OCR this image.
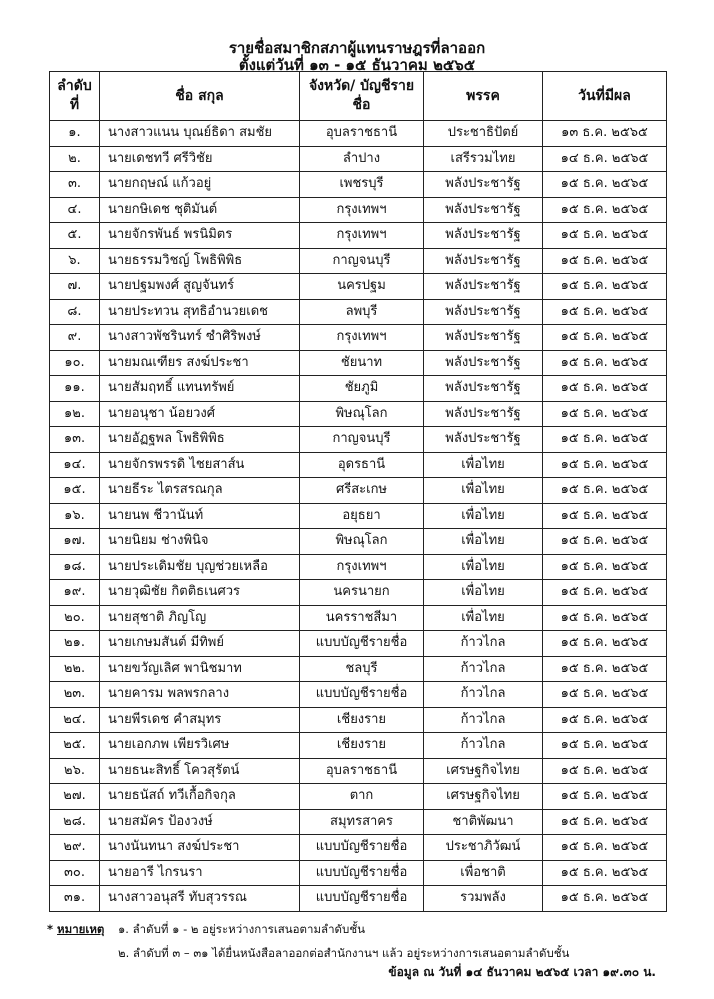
รายชื่อสมาชิกสภาผู้แทนราษฎรที่ลาออก
ตั้งแต่วันที่ ๑๓ - ๑๕ ธันวาคม ๒๕๖๕
ลำดับที่	ชื่อ สกุล	จังหวัด/ บัญชีรายชื่อ	พรรค	วันที่มีผล
๑.	นางสาวแนน บุณย์ธิดา สมชัย	อุบลราชธานี	ประชาธิปัตย์	๑๓ ธ.ค. ๒๕๖๕
๒.	นายเดชทวี ศรีวิชัย	ลำปาง	เสรีรวมไทย	๑๔ ธ.ค. ๒๕๖๕
๓.	นายกฤษณ์ แก้วอยู่	เพชรบุรี	พลังประชารัฐ	๑๕ ธ.ค. ๒๕๖๕
๔.	นายกษิเดช ชุติมันต์	กรุงเทพฯ	พลังประชารัฐ	๑๕ ธ.ค. ๒๕๖๕
๕.	นายจักรพันธ์ พรนิมิตร	กรุงเทพฯ	พลังประชารัฐ	๑๕ ธ.ค. ๒๕๖๕
๖.	นายธรรมวิชญ์ โพธิพิพิธ	กาญจนบุรี	พลังประชารัฐ	๑๕ ธ.ค. ๒๕๖๕
๗.	นายปฐมพงศ์ สูญจันทร์	นครปฐม	พลังประชารัฐ	๑๕ ธ.ค. ๒๕๖๕
๘.	นายประทวน สุทธิอำนวยเดช	ลพบุรี	พลังประชารัฐ	๑๕ ธ.ค. ๒๕๖๕
๙.	นางสาวพัชรินทร์ ซำศิริพงษ์	กรุงเทพฯ	พลังประชารัฐ	๑๕ ธ.ค. ๒๕๖๕
๑๐.	นายมณเฑียร สงฆ์ประชา	ชัยนาท	พลังประชารัฐ	๑๕ ธ.ค. ๒๕๖๕
๑๑.	นายสัมฤทธิ์ แทนทรัพย์	ชัยภูมิ	พลังประชารัฐ	๑๕ ธ.ค. ๒๕๖๕
๑๒.	นายอนุชา น้อยวงศ์	พิษณุโลก	พลังประชารัฐ	๑๕ ธ.ค. ๒๕๖๕
๑๓.	นายอัฏฐพล โพธิพิพิธ	กาญจนบุรี	พลังประชารัฐ	๑๕ ธ.ค. ๒๕๖๕
๑๔.	นายจักรพรรดิ ไชยสาส์น	อุดรธานี	เพื่อไทย	๑๕ ธ.ค. ๒๕๖๕
๑๕.	นายธีระ ไตรสรณกุล	ศรีสะเกษ	เพื่อไทย	๑๕ ธ.ค. ๒๕๖๕
๑๖.	นายนพ ชีวานันท์	อยุธยา	เพื่อไทย	๑๕ ธ.ค. ๒๕๖๕
๑๗.	นายนิยม ช่างพินิจ	พิษณุโลก	เพื่อไทย	๑๕ ธ.ค. ๒๕๖๕
๑๘.	นายประเดิมชัย บุญช่วยเหลือ	กรุงเทพฯ	เพื่อไทย	๑๕ ธ.ค. ๒๕๖๕
๑๙.	นายวุฒิชัย กิตติธเนศวร	นครนายก	เพื่อไทย	๑๕ ธ.ค. ๒๕๖๕
๒๐.	นายสุชาติ ภิญโญ	นครราชสีมา	เพื่อไทย	๑๕ ธ.ค. ๒๕๖๕
๒๑.	นายเกษมสันต์ มีทิพย์	แบบบัญชีรายชื่อ	ก้าวไกล	๑๕ ธ.ค. ๒๕๖๕
๒๒.	นายขวัญเลิศ พานิชมาท	ชลบุรี	ก้าวไกล	๑๕ ธ.ค. ๒๕๖๕
๒๓.	นายคารม พลพรกลาง	แบบบัญชีรายชื่อ	ก้าวไกล	๑๕ ธ.ค. ๒๕๖๕
๒๔.	นายพีรเดช คำสมุทร	เชียงราย	ก้าวไกล	๑๕ ธ.ค. ๒๕๖๕
๒๕.	นายเอกภพ เพียรวิเศษ	เชียงราย	ก้าวไกล	๑๕ ธ.ค. ๒๕๖๕
๒๖.	นายธนะสิทธิ์ โควสุรัตน์	อุบลราชธานี	เศรษฐกิจไทย	๑๕ ธ.ค. ๒๕๖๕
๒๗.	นายธนัสถ์ ทวีเกื้อกิจกุล	ตาก	เศรษฐกิจไทย	๑๕ ธ.ค. ๒๕๖๕
๒๘.	นายสมัคร ป้องวงษ์	สมุทรสาคร	ชาติพัฒนา	๑๕ ธ.ค. ๒๕๖๕
๒๙.	นางนันทนา สงฆ์ประชา	แบบบัญชีรายชื่อ	ประชาภิวัฒน์	๑๕ ธ.ค. ๒๕๖๕
๓๐.	นายอารี ไกรนรา	แบบบัญชีรายชื่อ	เพื่อชาติ	๑๕ ธ.ค. ๒๕๖๕
๓๑.	นางสาวอนุสรี ทับสุวรรณ	แบบบัญชีรายชื่อ	รวมพลัง	๑๕ ธ.ค. ๒๕๖๕
* หมายเหตุ ๑. ลำดับที่ ๑ - ๒ อยู่ระหว่างการเสนอตามลำดับชั้น
๒. ลำดับที่ ๓ – ๓๑ ได้ยื่นหนังสือลาออกต่อสำนักงานฯ แล้ว อยู่ระหว่างการเสนอตามลำดับชั้น
ข้อมูล ณ วันที่ ๑๔ ธันวาคม ๒๕๖๕ เวลา ๑๙.๓๐ น.
